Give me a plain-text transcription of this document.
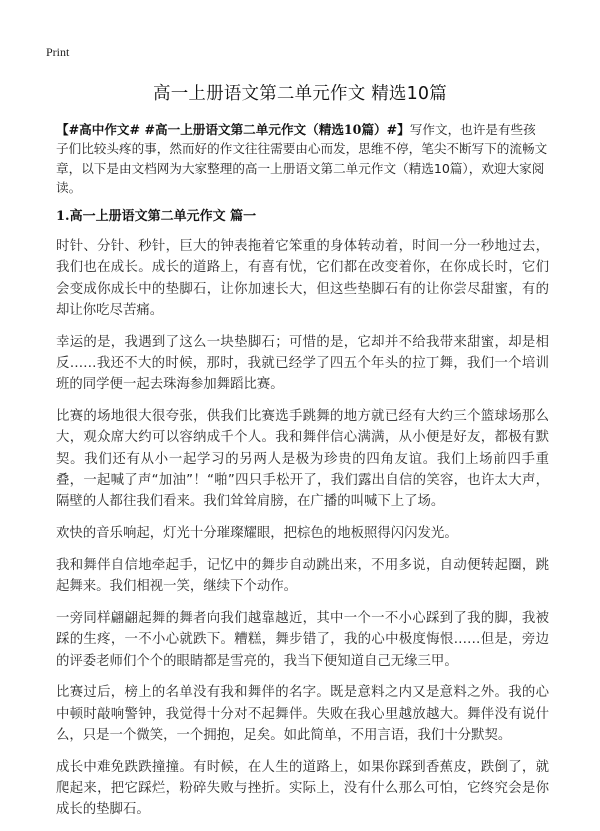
Print
高一上册语文第二单元作文 精选10篇
【#高中作文# #高一上册语文第二单元作文（精选10篇）#】写作文，也许是有些孩子们比较头疼的事，然而好的作文往往需要由心而发，思维不停，笔尖不断写下的流畅文章，以下是由文档网为大家整理的高一上册语文第二单元作文（精选10篇），欢迎大家阅读。
1.高一上册语文第二单元作文 篇一

时针、分针、秒针，巨大的钟表拖着它笨重的身体转动着，时间一分一秒地过去，我们也在成长。成长的道路上，有喜有忧，它们都在改变着你，在你成长时，它们会变成你成长中的垫脚石，让你加速长大，但这些垫脚石有的让你尝尽甜蜜，有的却让你吃尽苦痛。

幸运的是，我遇到了这么一块垫脚石；可惜的是，它却并不给我带来甜蜜，却是相反……我还不大的时候，那时，我就已经学了四五个年头的拉丁舞，我们一个培训班的同学便一起去珠海参加舞蹈比赛。

比赛的场地很大很夸张，供我们比赛选手跳舞的地方就已经有大约三个篮球场那么大，观众席大约可以容纳成千个人。我和舞伴信心满满，从小便是好友，都极有默契。我们还有从小一起学习的另两人是极为珍贵的四角友谊。我们上场前四手重叠，一起喊了声“加油”！“啪”四只手松开了，我们露出自信的笑容，也许太大声，隔壁的人都往我们看来。我们耸耸肩膀，在广播的叫喊下上了场。

欢快的音乐响起，灯光十分璀璨耀眼，把棕色的地板照得闪闪发光。

我和舞伴自信地牵起手，记忆中的舞步自动跳出来，不用多说，自动便转起圈，跳起舞来。我们相视一笑，继续下个动作。

一旁同样翩翩起舞的舞者向我们越靠越近，其中一个一不小心踩到了我的脚，我被踩的生疼，一不小心就跌下。糟糕，舞步错了，我的心中极度悔恨……但是，旁边的评委老师们个个的眼睛都是雪亮的，我当下便知道自己无缘三甲。

比赛过后，榜上的名单没有我和舞伴的名字。既是意料之内又是意料之外。我的心中顿时敲响警钟，我觉得十分对不起舞伴。失败在我心里越放越大。舞伴没有说什么，只是一个微笑，一个拥抱，足矣。如此简单，不用言语，我们十分默契。

成长中难免跌跌撞撞。有时候，在人生的道路上，如果你踩到香蕉皮，跌倒了，就爬起来，把它踩烂，粉碎失败与挫折。实际上，没有什么那么可怕，它终究会是你成长的垫脚石。
